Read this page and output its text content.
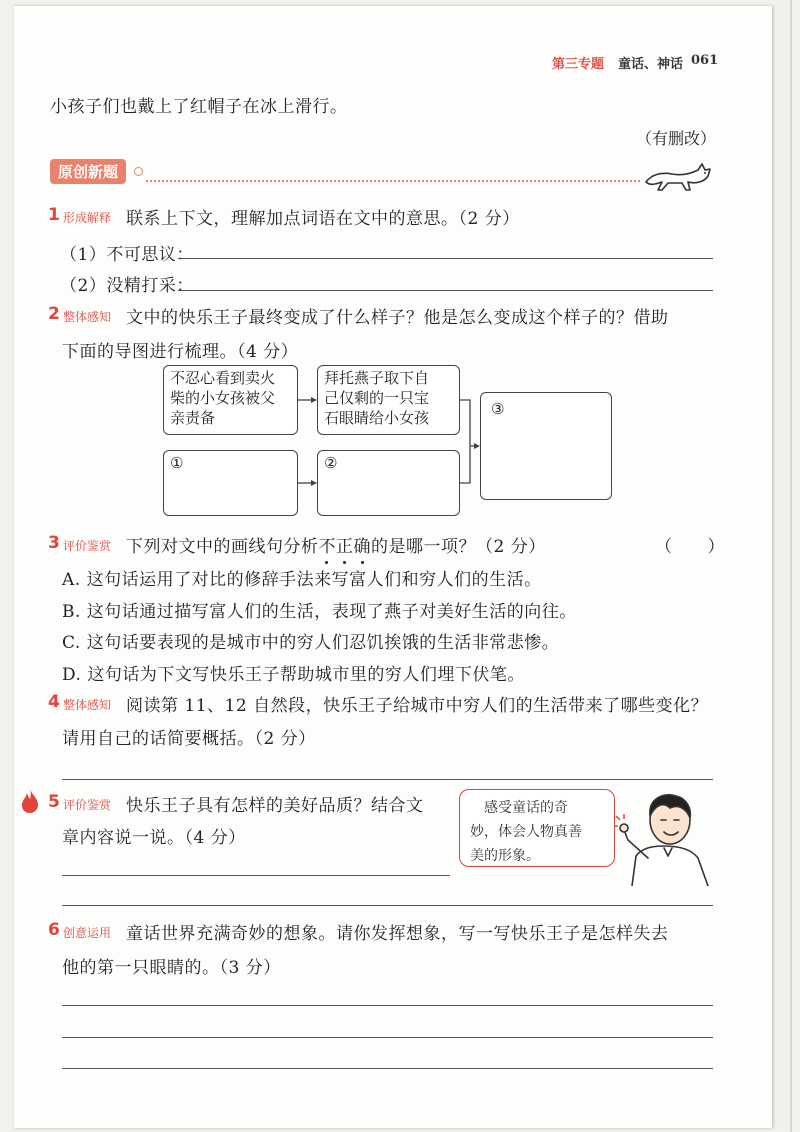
第三专题 童话、神话 061
小孩子们也戴上了红帽子在冰上滑行。
（有删改）
原创新题
1 形成解释 联系上下文，理解加点词语在文中的意思。（2 分）
（1）不可思议：
（2）没精打采：
2 整体感知 文中的快乐王子最终变成了什么样子？他是怎么变成这个样子的？借助
下面的导图进行梳理。（4 分）
不忍心看到卖火
柴的小女孩被父
亲责备
拜托燕子取下自
己仅剩的一只宝
石眼睛给小女孩
①	②
③
3 评价鉴赏 下列对文中的画线句分析不正确
的是哪一项？（2 分）	（　　）
A. 这句话运用了对比的修辞手法来写富人们和穷人们的生活。
B. 这句话通过描写富人们的生活，表现了燕子对美好生活的向往。
C. 这句话要表现的是城市中的穷人们忍饥挨饿的生活非常悲惨。
D. 这句话为下文写快乐王子帮助城市里的穷人们埋下伏笔。
4 整体感知 阅读第 11、12 自然段，快乐王子给城市中穷人们的生活带来了哪些变化？
请用自己的话简要概括。（2 分）
5 评价鉴赏 快乐王子具有怎样的美好品质？结合文
章内容说一说。（4 分）
　感受童话的奇
妙，体会人物真善
美的形象。
6 创意运用 童话世界充满奇妙的想象。请你发挥想象，写一写快乐王子是怎样失去
他的第一只眼睛的。（3 分）
